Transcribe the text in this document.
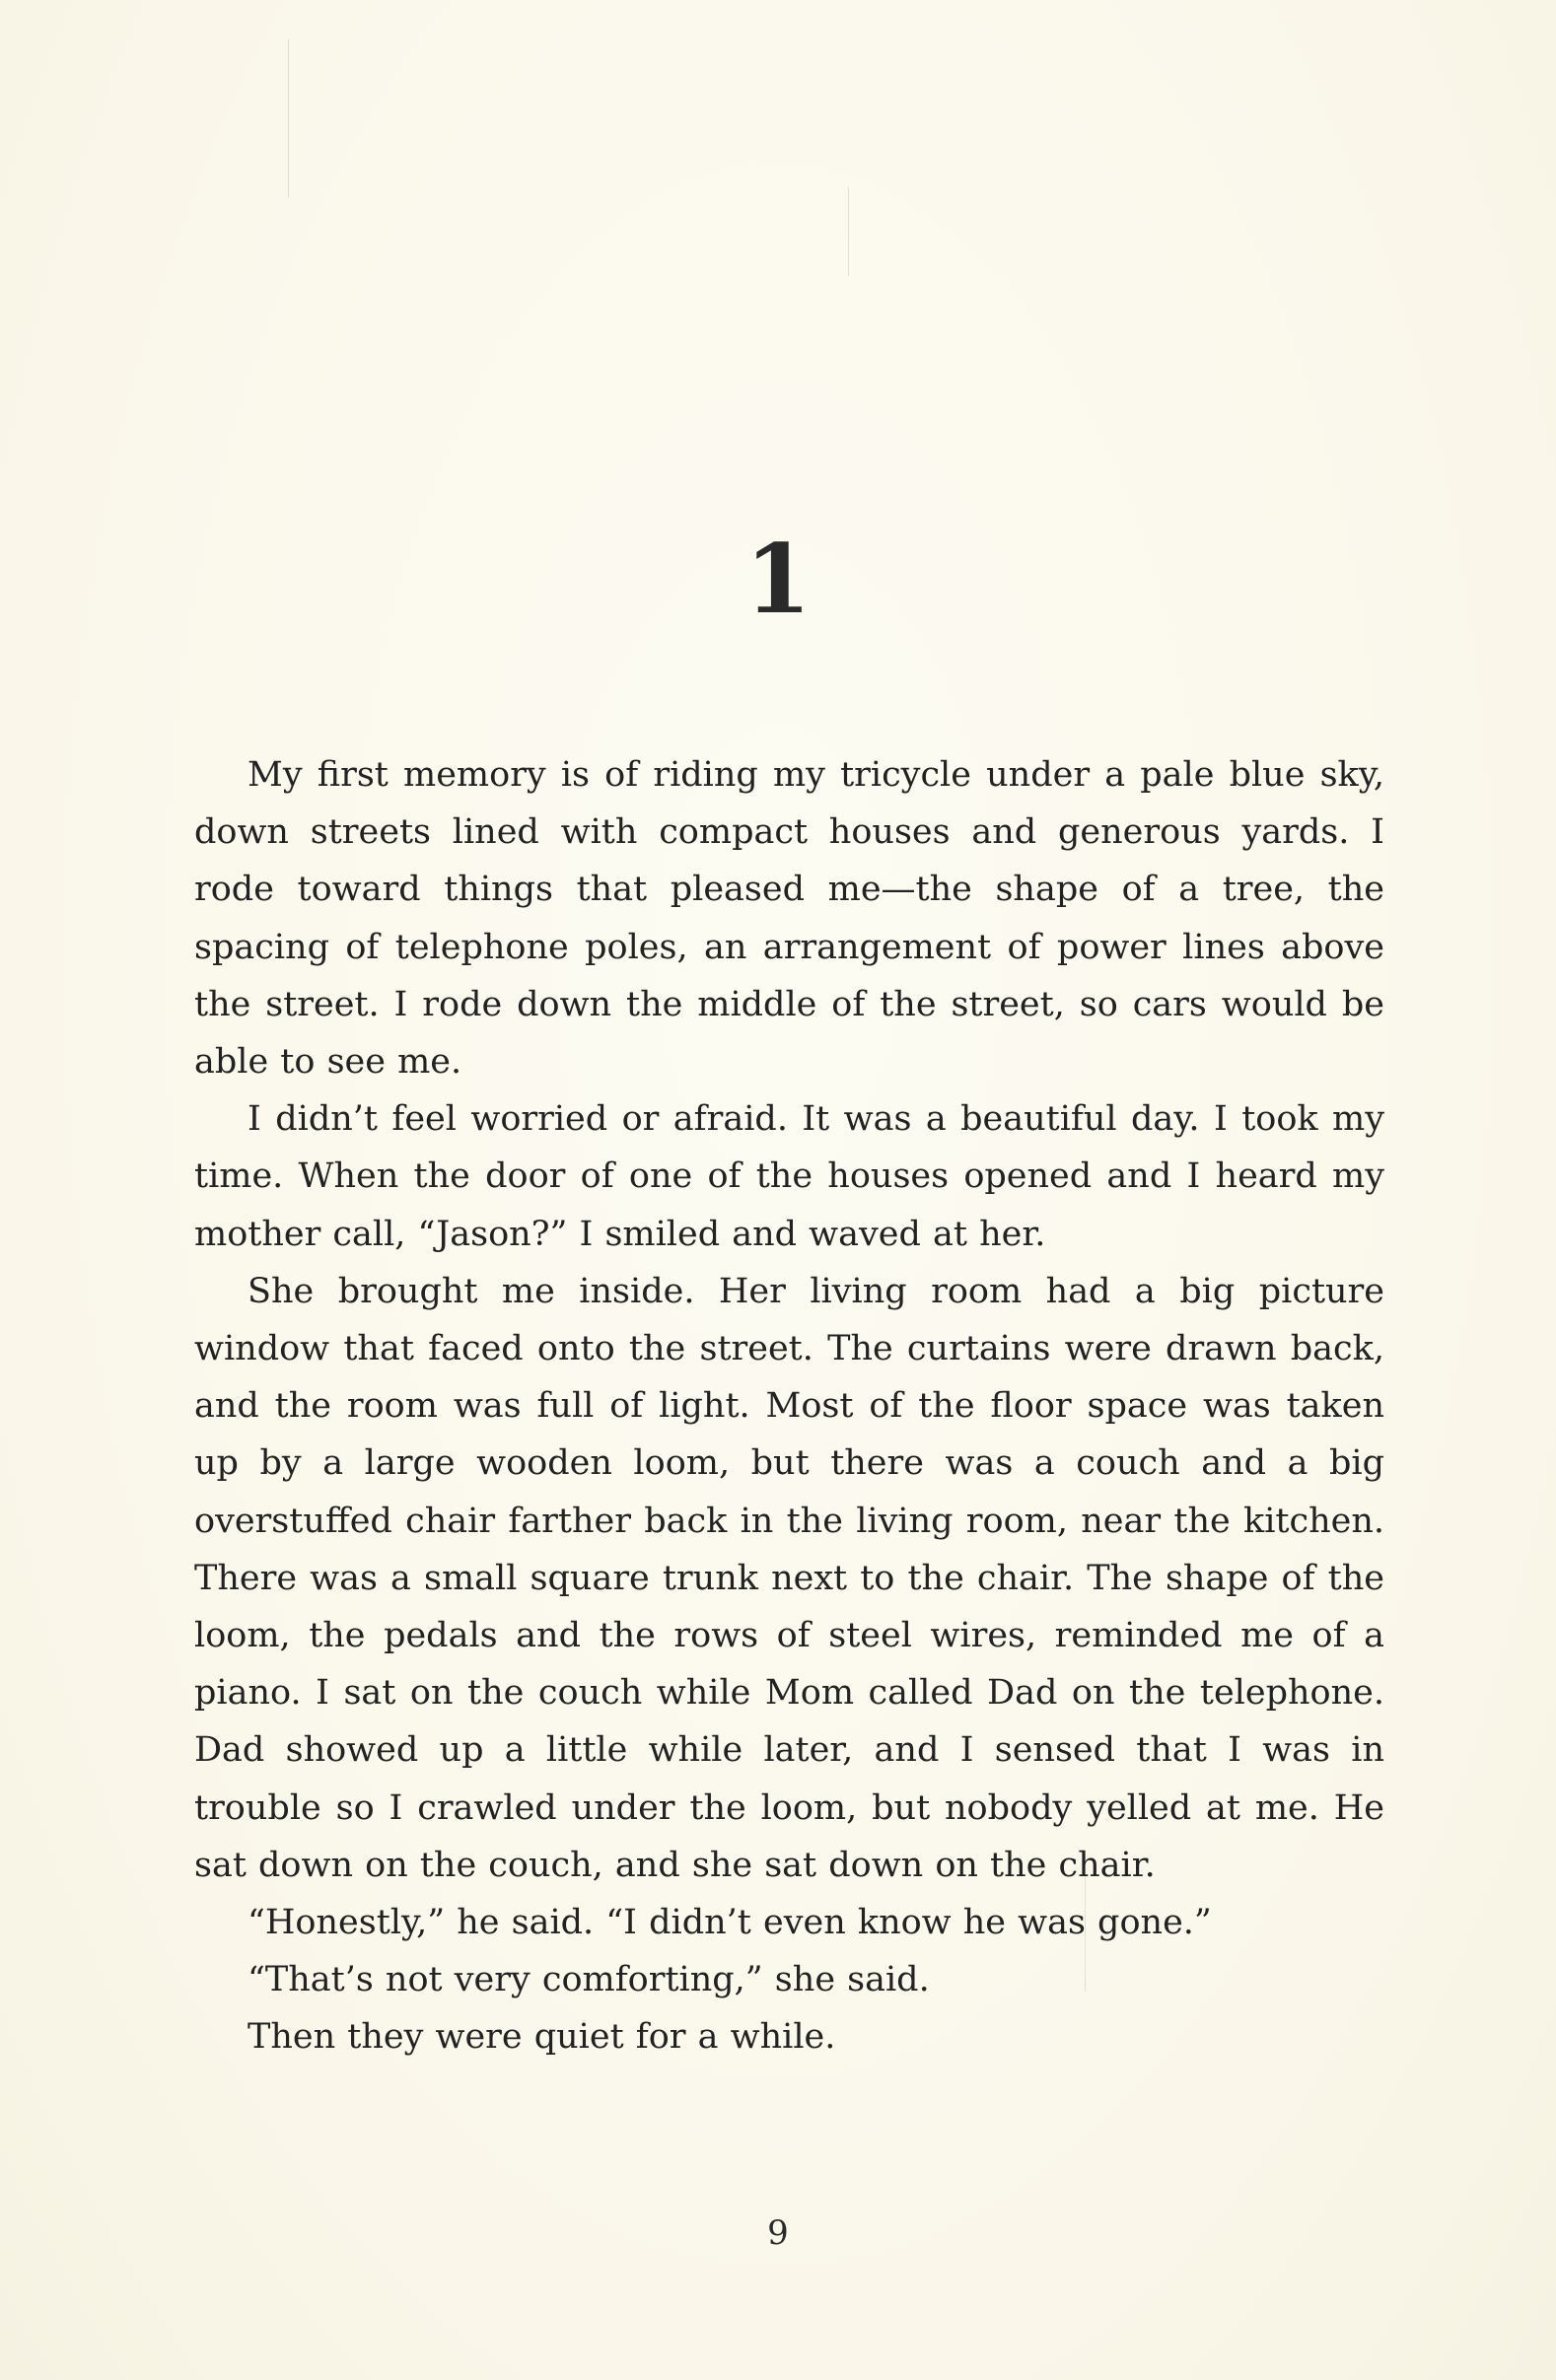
1

My first memory is of riding my tricycle under a pale blue sky, down streets lined with compact houses and generous yards. I rode toward things that pleased me—the shape of a tree, the spacing of telephone poles, an arrangement of power lines above the street. I rode down the middle of the street, so cars would be able to see me.

I didn’t feel worried or afraid. It was a beautiful day. I took my time. When the door of one of the houses opened and I heard my mother call, “Jason?” I smiled and waved at her.

She brought me inside. Her living room had a big picture window that faced onto the street. The curtains were drawn back, and the room was full of light. Most of the floor space was taken up by a large wooden loom, but there was a couch and a big overstuffed chair farther back in the living room, near the kitchen. There was a small square trunk next to the chair. The shape of the loom, the pedals and the rows of steel wires, reminded me of a piano. I sat on the couch while Mom called Dad on the telephone. Dad showed up a little while later, and I sensed that I was in trouble so I crawled under the loom, but nobody yelled at me. He sat down on the couch, and she sat down on the chair.

“Honestly,” he said. “I didn’t even know he was gone.”

“That’s not very comforting,” she said.

Then they were quiet for a while.

9
